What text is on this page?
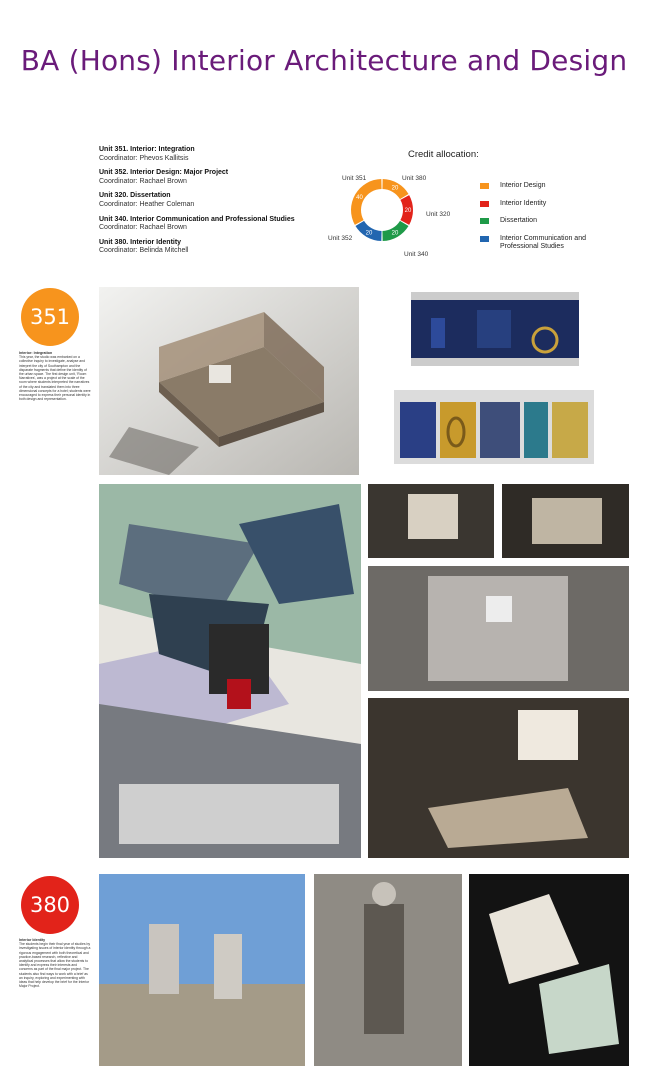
BA (Hons) Interior Architecture and Design
Unit 351. Interior: Integration
Coordinator: Phevos Kallitsis
Unit 352. Interior Design: Major Project
Coordinator: Rachael Brown
Unit 320. Dissertation
Coordinator: Heather Coleman
Unit 340. Interior Communication and Professional Studies
Coordinator: Rachael Brown
Unit 380. Interior Identity
Coordinator: Belinda Mitchell
Credit allocation:
20
Unit 351
20
Unit 380
20
Unit 320
20
Unit 340
40
Unit 352
Interior Design
Interior Identity
Dissertation
Interior Communication and Professional Studies
351
Interior: Integration
This year, the studio was embarked on a collective inquiry to investigate, analyse and interpret the city of Southampton and the disparate fragments that define the identity of the urban space. The first design unit, 'Room Narratives', was a project at the scale of the room where students interpreted the narratives of the city and translated them into three dimensional concepts for a hotel; students were encouraged to express their personal identity in both design and representation.
380
Interior Identity
The students begin their final year of studies by investigating issues of interior identity through a rigorous engagement with both theoretical and practice-based research, reflective and analytical processes that allow the students to identify and express their interests and concerns as part of the final major project. The students also find ways to work with a brief as an inquiry, exploring and experimenting with ideas that help develop the brief for the Interior Major Project.
